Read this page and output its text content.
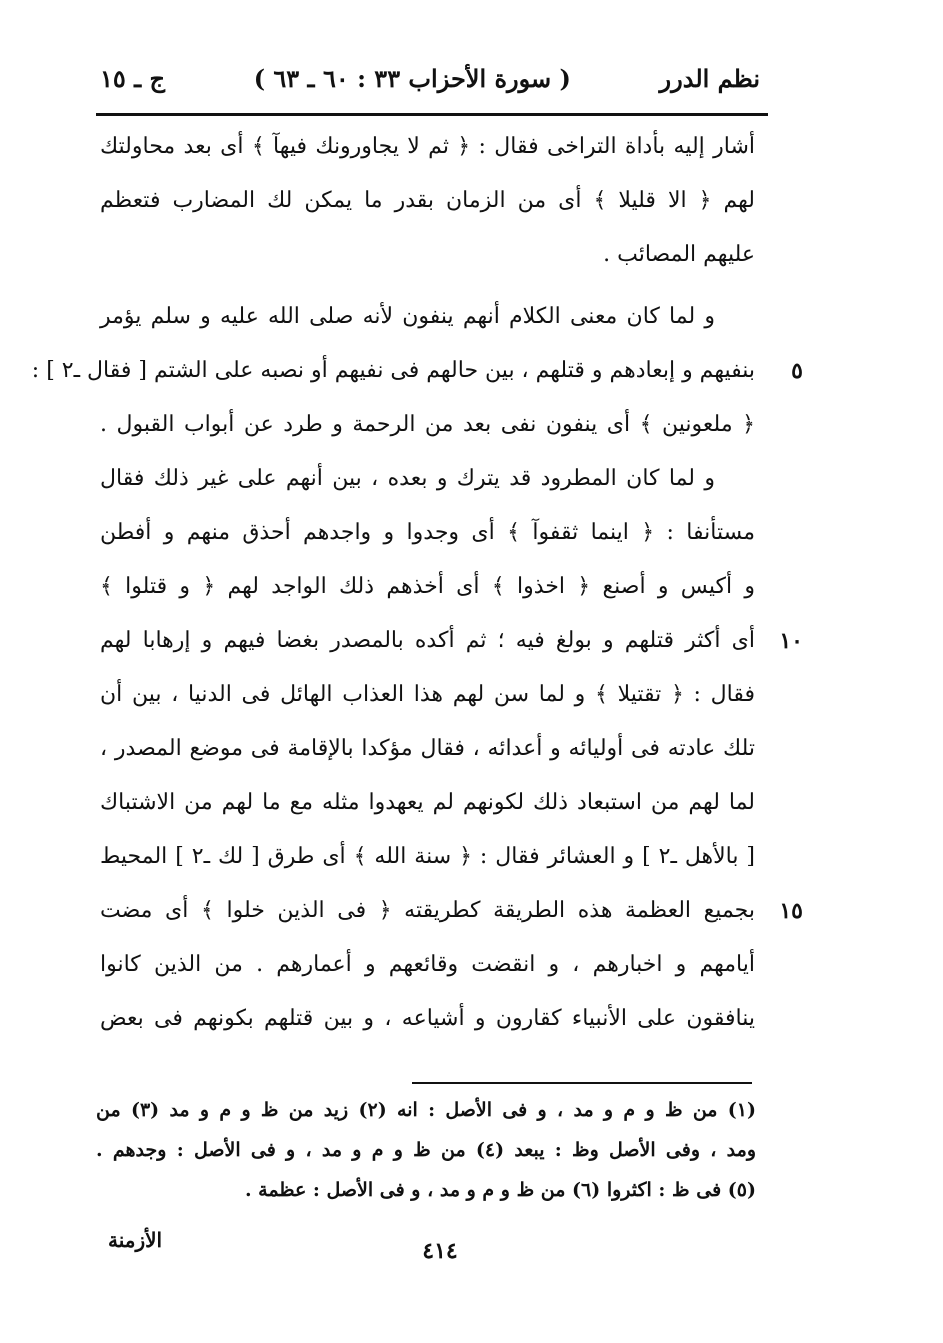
نظم الدرر
( سورة الأحزاب ٣٣ : ٦٠ ـ ٦٣ )
ج ـ ١٥
أشار إليه بأداة التراخى فقال : ﴿ ثم لا يجاورونك فيهآ ﴾ أى بعد محاولتك
لهم ﴿ الا قليلا ﴾ أى من الزمان بقدر ما يمكن لك المضارب فتعظم
عليهم المصائب .
و لما كان معنى الكلام أنهم ينفون لأنه صلى الله عليه و سلم يؤمر
بنفيهم و إبعادهم و قتلهم ، بين حالهم فى نفيهم أو نصبه على الشتم [ فقال ـ٢ ] : ٥
﴿ ملعونين ﴾ أى ينفون نفى بعد من الرحمة و طرد عن أبواب القبول .
و لما كان المطرود قد يترك و بعده ، بين أنهم على غير ذلك فقال
مستأنفا : ﴿ اينما ثقفوآ ﴾ أى وجدوا و واجدهم أحذق منهم و أفطن
و أكيس و أصنع ﴿ اخذوا ﴾ أى أخذهم ذلك الواجد لهم ﴿ و قتلوا ﴾
أى أكثر قتلهم و بولغ فيه ؛ ثم أكده بالمصدر بغضا فيهم و إرهابا لهم ١٠
فقال : ﴿ تقتيلا ﴾ و لما سن لهم هذا العذاب الهائل فى الدنيا ، بين أن
تلك عادته فى أوليائه و أعدائه ، فقال مؤكدا بالإقامة فى موضع المصدر ،
لما لهم من استبعاد ذلك لكونهم لم يعهدوا مثله مع ما لهم من الاشتباك
[ بالأهل ـ٢ ] و العشائر فقال : ﴿ سنة الله ﴾ أى طرق [ لك ـ٢ ] المحيط
بجميع العظمة هذه الطريقة كطريقته ﴿ فى الذين خلوا ﴾ أى مضت ١٥
أيامهم و اخبارهم ، و انقضت وقائعهم و أعمارهم . من الذين كانوا
ينافقون على الأنبياء كقارون و أشياعه ، و بين قتلهم بكونهم فى بعض
(١) من ظ و م و مد ، و فى الأصل : انه (٢) زيد من ظ و م و مد (٣) من
ومد ، وفى الأصل وظ : يبعد (٤) من ظ و م و مد ، و فى الأصل : وجدهم .
(٥) فى ظ : اكثروا (٦) من ظ و م و مد ، و فى الأصل : عظمة .
٤١٤
الأزمنة
